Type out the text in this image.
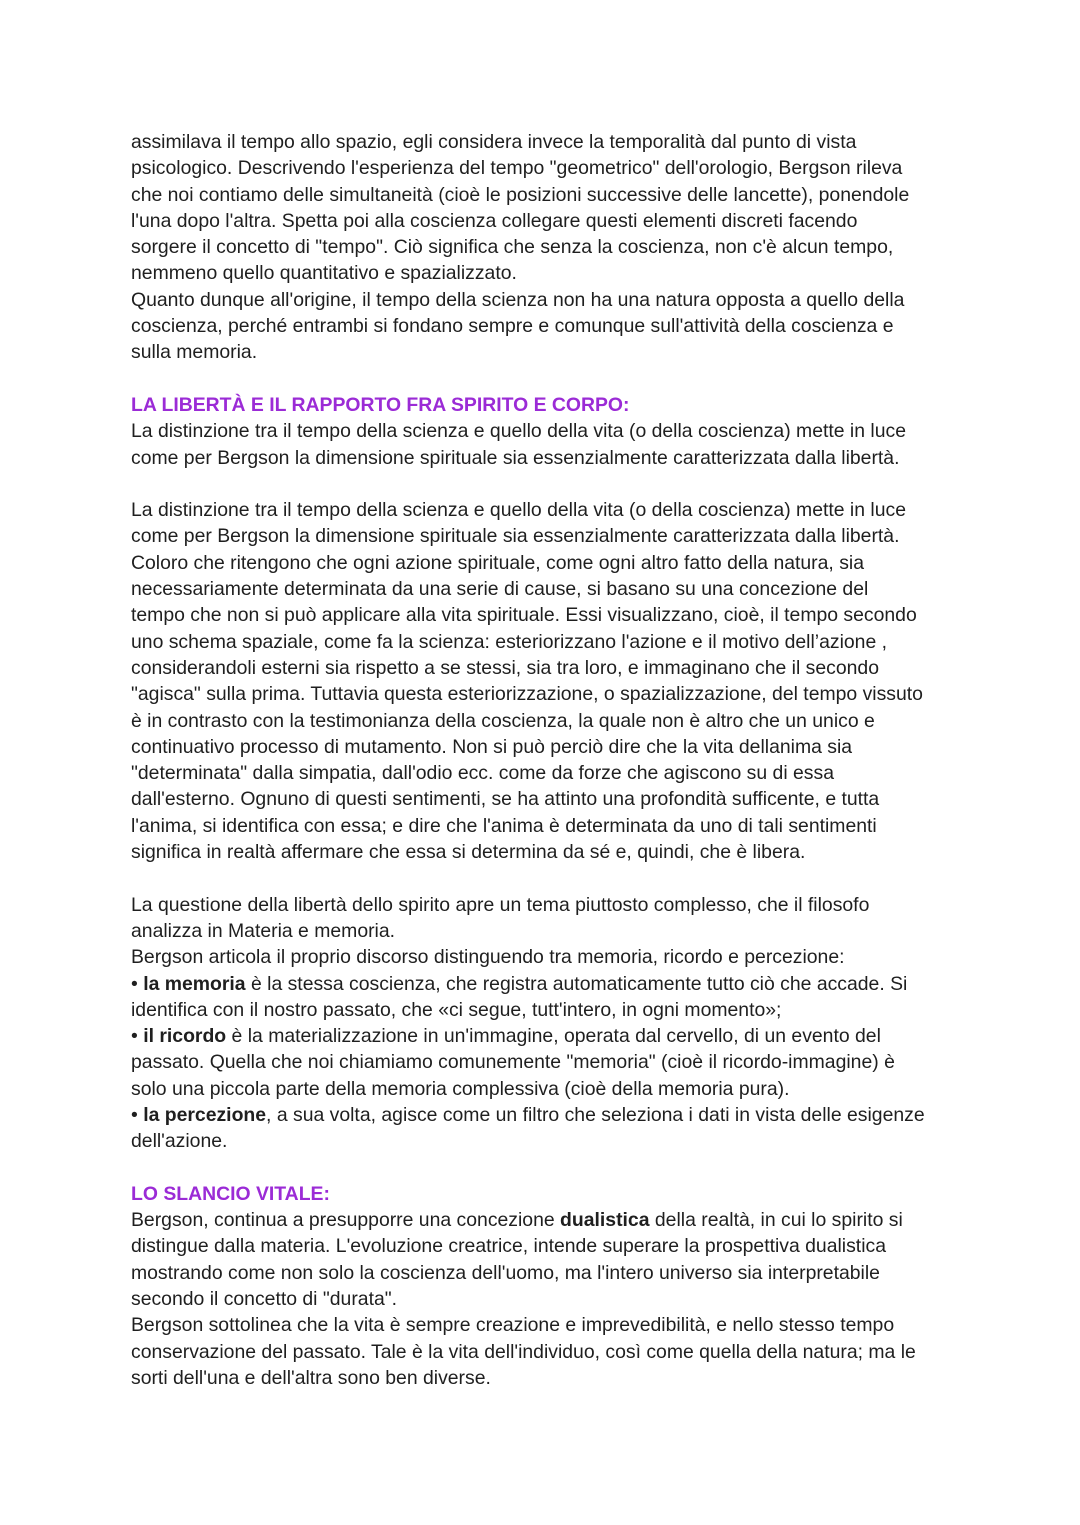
assimilava il tempo allo spazio, egli considera invece la temporalità dal punto di vista
psicologico. Descrivendo l'esperienza del tempo "geometrico" dell'orologio, Bergson rileva
che noi contiamo delle simultaneità (cioè le posizioni successive delle lancette), ponendole
l'una dopo l'altra. Spetta poi alla coscienza collegare questi elementi discreti facendo
sorgere il concetto di "tempo". Ciò significa che senza la coscienza, non c'è alcun tempo,
nemmeno quello quantitativo e spazializzato.

Quanto dunque all'origine, il tempo della scienza non ha una natura opposta a quello della
coscienza, perché entrambi si fondano sempre e comunque sull'attività della coscienza e
sulla memoria.

LA LIBERTÀ E IL RAPPORTO FRA SPIRITO E CORPO:

La distinzione tra il tempo della scienza e quello della vita (o della coscienza) mette in luce
come per Bergson la dimensione spirituale sia essenzialmente caratterizzata dalla libertà.

La distinzione tra il tempo della scienza e quello della vita (o della coscienza) mette in luce
come per Bergson la dimensione spirituale sia essenzialmente caratterizzata dalla libertà.
Coloro che ritengono che ogni azione spirituale, come ogni altro fatto della natura, sia
necessariamente determinata da una serie di cause, si basano su una concezione del
tempo che non si può applicare alla vita spirituale. Essi visualizzano, cioè, il tempo secondo
uno schema spaziale, come fa la scienza: esteriorizzano l'azione e il motivo dell’azione ,
considerandoli esterni sia rispetto a se stessi, sia tra loro, e immaginano che il secondo
"agisca" sulla prima. Tuttavia questa esteriorizzazione, o spazializzazione, del tempo vissuto
è in contrasto con la testimonianza della coscienza, la quale non è altro che un unico e
continuativo processo di mutamento. Non si può perciò dire che la vita dellanima sia
"determinata" dalla simpatia, dall'odio ecc. come da forze che agiscono su di essa
dall'esterno. Ognuno di questi sentimenti, se ha attinto una profondità sufficente, e tutta
l'anima, si identifica con essa; e dire che l'anima è determinata da uno di tali sentimenti
significa in realtà affermare che essa si determina da sé e, quindi, che è libera.

La questione della libertà dello spirito apre un tema piuttosto complesso, che il filosofo
analizza in Materia e memoria.
Bergson articola il proprio discorso distinguendo tra memoria, ricordo e percezione:

• la memoria è la stessa coscienza, che registra automaticamente tutto ciò che accade. Si
identifica con il nostro passato, che «ci segue, tutt'intero, in ogni momento»;

• il ricordo è la materializzazione in un'immagine, operata dal cervello, di un evento del
passato. Quella che noi chiamiamo comunemente "memoria" (cioè il ricordo-immagine) è
solo una piccola parte della memoria complessiva (cioè della memoria pura).

• la percezione, a sua volta, agisce come un filtro che seleziona i dati in vista delle esigenze
dell'azione.

LO SLANCIO VITALE:

Bergson, continua a presupporre una concezione dualistica della realtà, in cui lo spirito si
distingue dalla materia. L'evoluzione creatrice, intende superare la prospettiva dualistica
mostrando come non solo la coscienza dell'uomo, ma l'intero universo sia interpretabile
secondo il concetto di "durata".

Bergson sottolinea che la vita è sempre creazione e imprevedibilità, e nello stesso tempo
conservazione del passato. Tale è la vita dell'individuo, così come quella della natura; ma le
sorti dell'una e dell'altra sono ben diverse.
